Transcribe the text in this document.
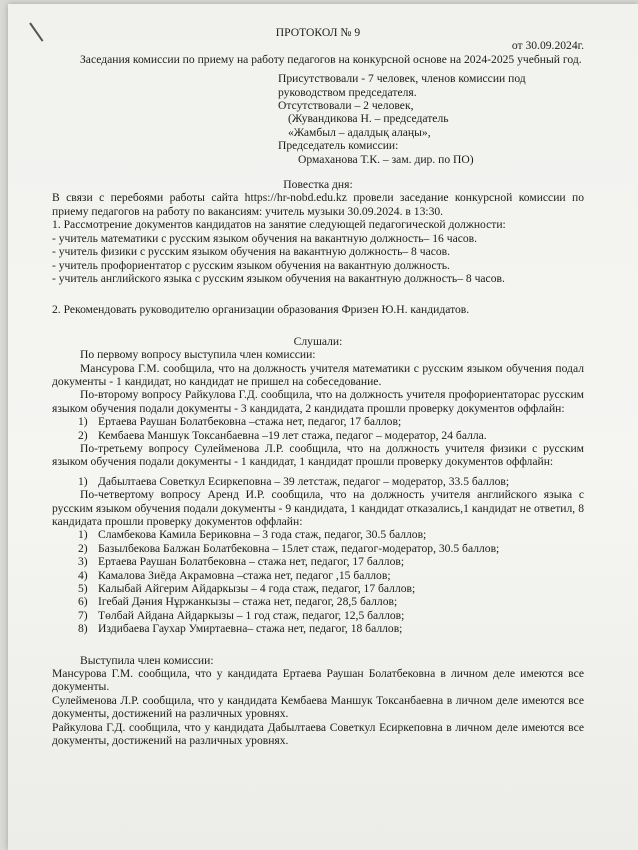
ПРОТОКОЛ № 9

от 30.09.2024г.

Заседания комиссии по приему на работу педагогов на конкурсной основе на 2024-2025 учебный год.

Присутствовали - 7 человек, членов комиссии под

руководством председателя.

Отсутствовали – 2 человек,

(Жувандикова Н. – председатель

«Жамбыл – адалдық алаңы»,

Председатель комиссии:

Ормаханова Т.К. – зам. дир. по ПО)

Повестка дня:

В связи с перебоями работы сайта https://hr-nobd.edu.kz провели заседание конкурсной комиссии по приему педагогов на работу по вакансиям: учитель музыки 30.09.2024. в 13:30.

1. Рассмотрение документов кандидатов на занятие следующей педагогической должности:

- учитель математики с русским языком обучения на вакантную должность– 16 часов.

- учитель физики с русским языком обучения на вакантную должность– 8 часов.

- учитель профориентатор с русским языком обучения на вакантную должность.

- учитель английского языка с русским языком обучения на вакантную должность– 8 часов.

2. Рекомендовать руководителю организации образования Фризен Ю.Н. кандидатов.

Слушали:

По первому вопросу выступила член комиссии:

Мансурова Г.М. сообщила, что на должность учителя математики с русским языком обучения подал документы - 1 кандидат, но кандидат не пришел на собеседование.

По-второму вопросу Райкулова Г.Д. сообщила, что на должность учителя профориентаторас русским языком обучения подали документы - 3 кандидата, 2 кандидата прошли проверку документов оффлайн:

1) Ертаева Раушан Болатбековна –стажа нет, педагог, 17 баллов;
2) Кембаева Маншук Токсанбаевна –19 лет стажа, педагог – модератор, 24 балла.

По-третьему вопросу Сулейменова Л.Р. сообщила, что на должность учителя физики с русским языком обучения подали документы - 1 кандидат, 1 кандидат прошли проверку документов оффлайн:

1) Дабылтаева Советкул Есиркеповна – 39 летстаж, педагог – модератор, 33.5 баллов;

По-четвертому вопросу Аренд И.Р. сообщила, что на должность учителя английского языка с русским языком обучения подали документы - 9 кандидата, 1 кандидат отказались,1 кандидат не ответил, 8 кандидата прошли проверку документов оффлайн:

1) Сламбекова Камила Бериковна – 3 года стаж, педагог, 30.5 баллов;
2) Базылбекова Балжан Болатбековна – 15лет стаж, педагог-модератор, 30.5 баллов;
3) Ертаева Раушан Болатбековна – стажа нет, педагог, 17 баллов;
4) Камалова Зиёда Акрамовна –стажа нет, педагог ,15 баллов;
5) Калыбай Айгерим Айдаркызы – 4 года стаж, педагог, 17 баллов;
6) Ігебай Дәния Нұржанкызы – стажа нет, педагог, 28,5 баллов;
7) Төлбай Айдана Айдаркызы – 1 год стаж, педагог, 12,5 баллов;
8) Издибаева Гаухар Умиртаевна– стажа нет, педагог, 18 баллов;

Выступила член комиссии:

Мансурова Г.М. сообщила, что у кандидата Ертаева Раушан Болатбековна в личном деле имеются все документы.

Сулейменова Л.Р. сообщила, что у кандидата Кембаева Маншук Токсанбаевна в личном деле имеются все документы, достижений на различных уровнях.

Райкулова Г.Д. сообщила, что у кандидата Дабылтаева Советкул Есиркеповна в личном деле имеются все документы, достижений на различных уровнях.
